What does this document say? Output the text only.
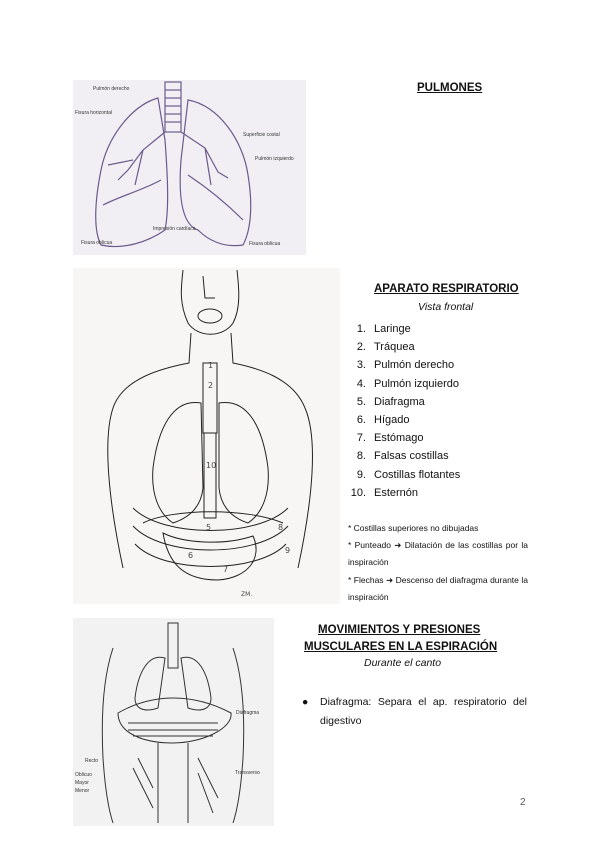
Pulmón derecho
Fisura horizontal
Superficie costal
Pulmón izquierdo
Impresión cardíaca
Fisura oblicua	Fisura oblicua
PULMONES
1
2
10
5
6
7
8
9
ZM.
APARATO RESPIRATORIO
Vista frontal
1. Laringe
2. Tráquea
3. Pulmón derecho
4. Pulmón izquierdo
5. Diafragma
6. Hígado
7. Estómago
8. Falsas costillas
9. Costillas flotantes
10. Esternón
* Costillas superiores no dibujadas
* Punteado ➜ Dilatación de las costillas por la inspiración
* Flechas ➜ Descenso del diafragma durante la inspiración
Diafragma
Recto
Oblicuo
Mayor
Menor
Transverso
MOVIMIENTOS Y PRESIONES
MUSCULARES EN LA ESPIRACIÓN
Durante el canto
● Diafragma: Separa el ap. respiratorio del digestivo
2
